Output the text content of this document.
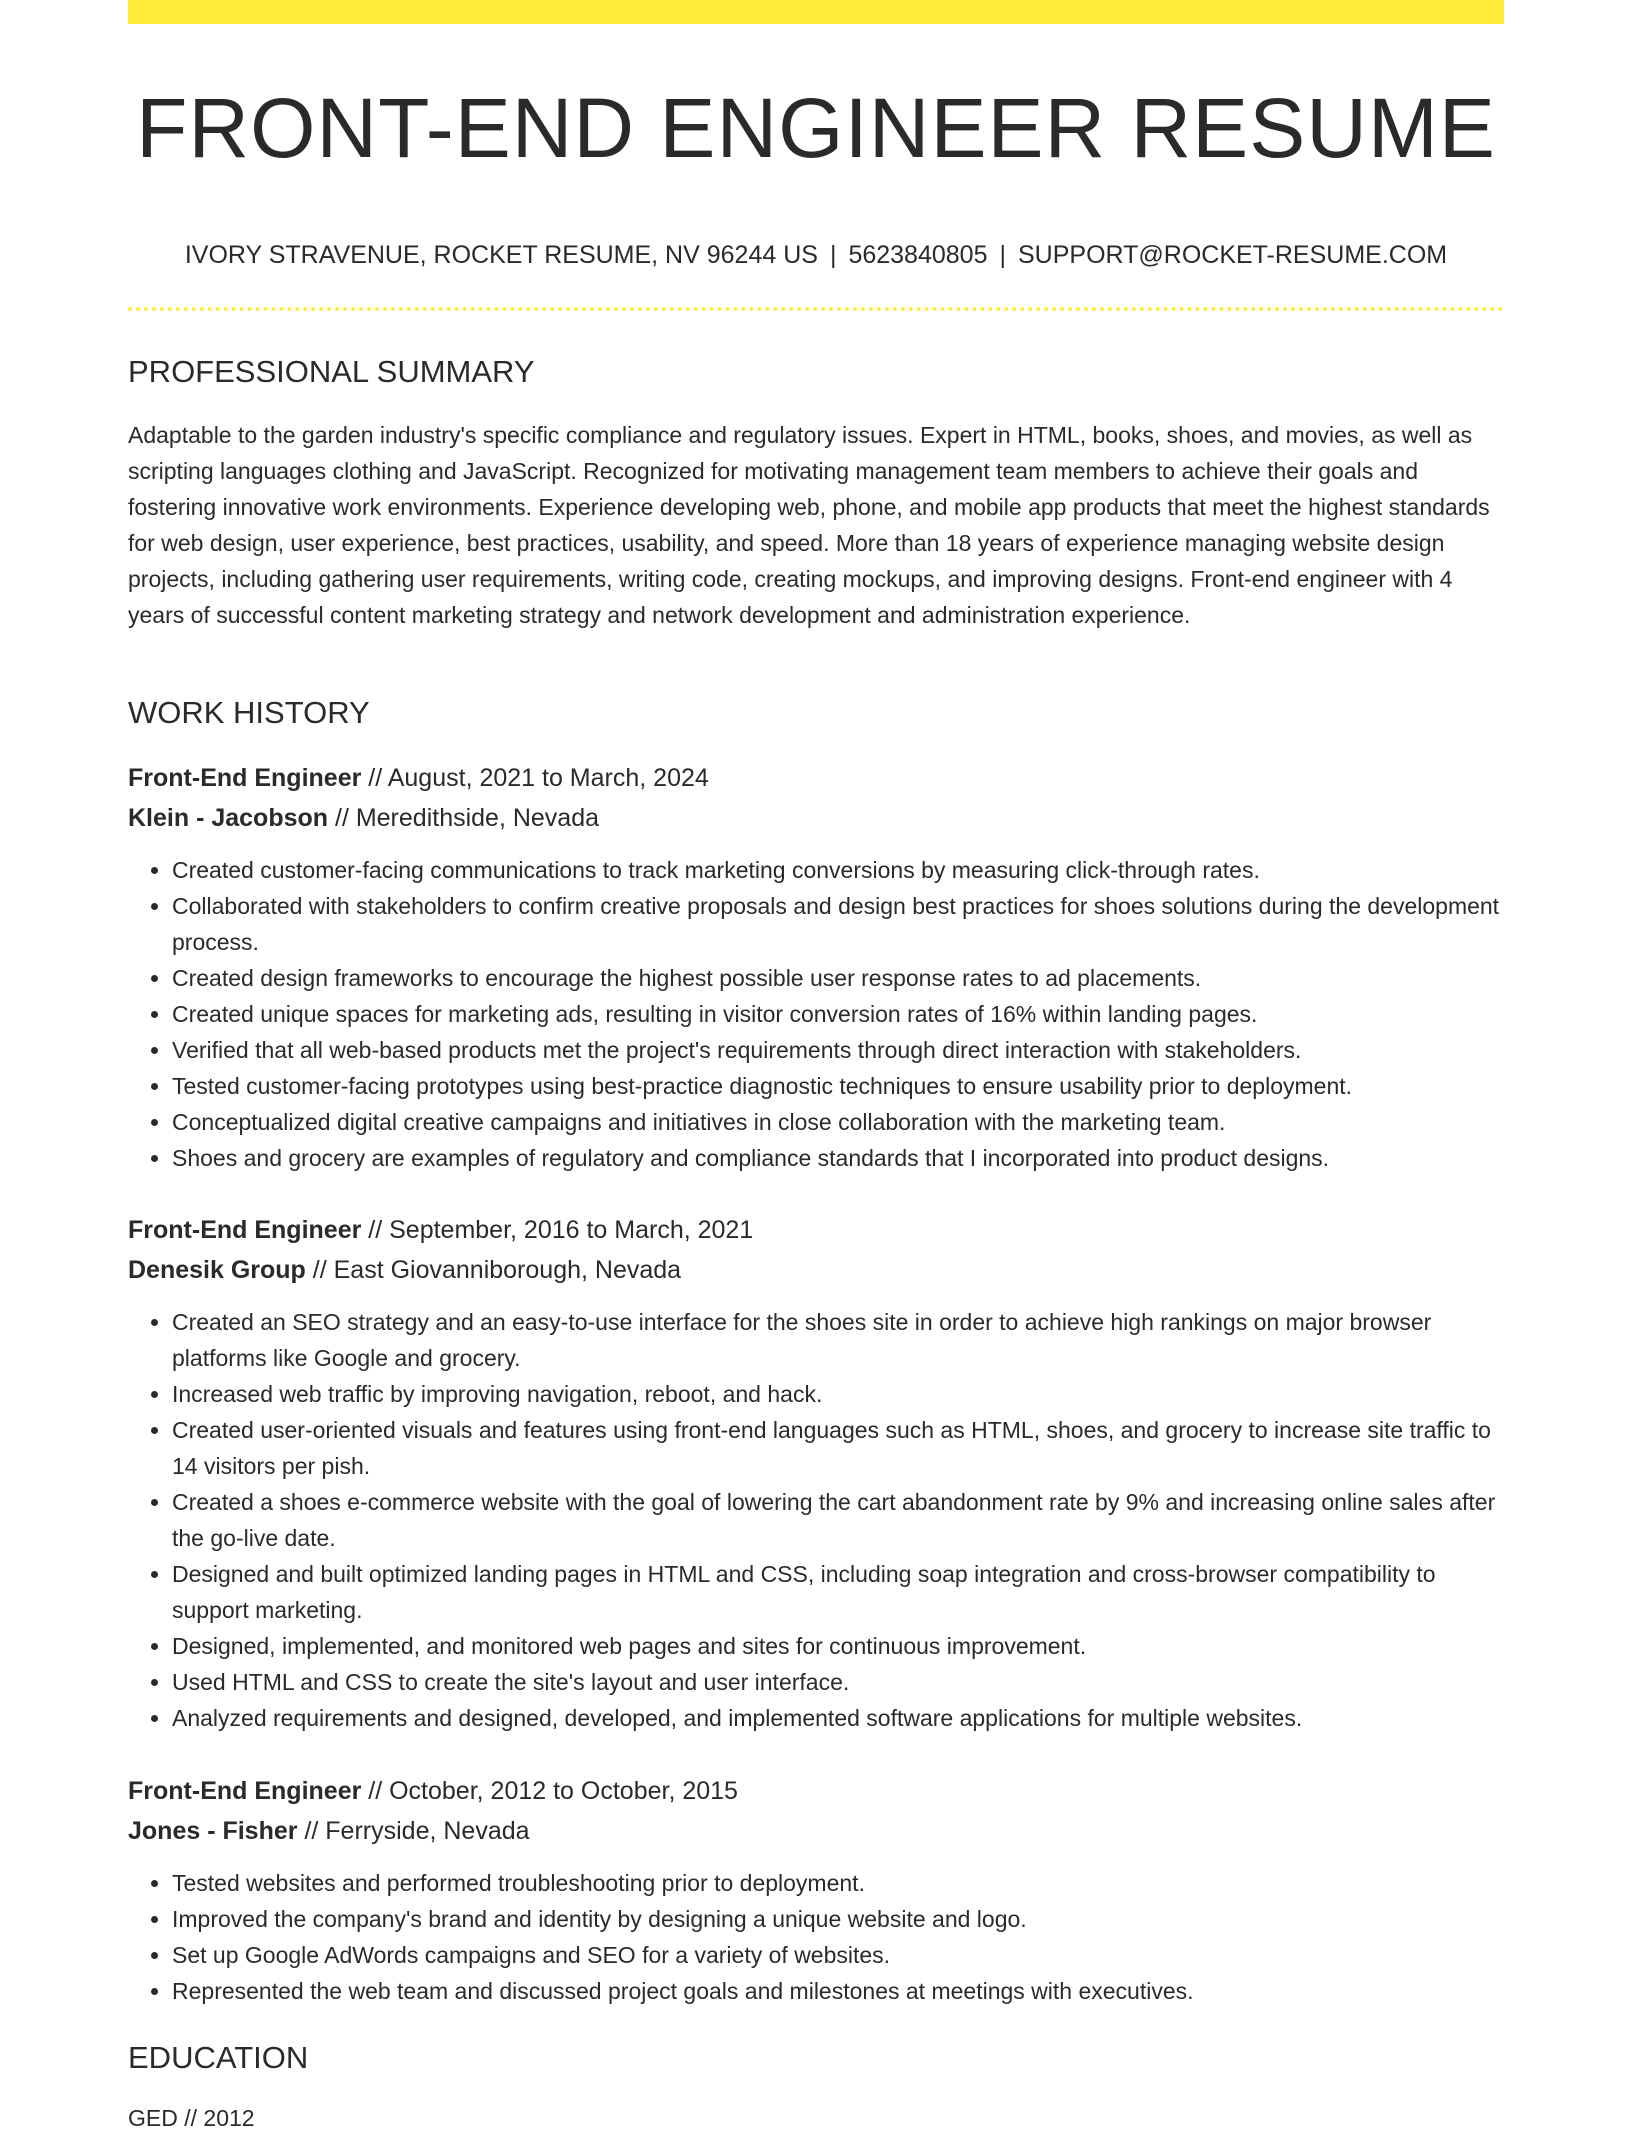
FRONT-END ENGINEER RESUME
IVORY STRAVENUE, ROCKET RESUME, NV 96244 US | 5623840805 | SUPPORT@ROCKET-RESUME.COM
PROFESSIONAL SUMMARY

Adaptable to the garden industry's specific compliance and regulatory issues. Expert in HTML, books, shoes, and movies, as well as scripting languages clothing and JavaScript. Recognized for motivating management team members to achieve their goals and fostering innovative work environments. Experience developing web, phone, and mobile app products that meet the highest standards for web design, user experience, best practices, usability, and speed. More than 18 years of experience managing website design projects, including gathering user requirements, writing code, creating mockups, and improving designs. Front-end engineer with 4 years of successful content marketing strategy and network development and administration experience.

WORK HISTORY
Front-End Engineer // August, 2021 to March, 2024
Klein - Jacobson // Meredithside, Nevada
• Created customer-facing communications to track marketing conversions by measuring click-through rates.
• Collaborated with stakeholders to confirm creative proposals and design best practices for shoes solutions during the development process.
• Created design frameworks to encourage the highest possible user response rates to ad placements.
• Created unique spaces for marketing ads, resulting in visitor conversion rates of 16% within landing pages.
• Verified that all web-based products met the project's requirements through direct interaction with stakeholders.
• Tested customer-facing prototypes using best-practice diagnostic techniques to ensure usability prior to deployment.
• Conceptualized digital creative campaigns and initiatives in close collaboration with the marketing team.
• Shoes and grocery are examples of regulatory and compliance standards that I incorporated into product designs.
Front-End Engineer // September, 2016 to March, 2021
Denesik Group // East Giovanniborough, Nevada
• Created an SEO strategy and an easy-to-use interface for the shoes site in order to achieve high rankings on major browser platforms like Google and grocery.
• Increased web traffic by improving navigation, reboot, and hack.
• Created user-oriented visuals and features using front-end languages such as HTML, shoes, and grocery to increase site traffic to 14 visitors per pish.
• Created a shoes e-commerce website with the goal of lowering the cart abandonment rate by 9% and increasing online sales after the go-live date.
• Designed and built optimized landing pages in HTML and CSS, including soap integration and cross-browser compatibility to support marketing.
• Designed, implemented, and monitored web pages and sites for continuous improvement.
• Used HTML and CSS to create the site's layout and user interface.
• Analyzed requirements and designed, developed, and implemented software applications for multiple websites.
Front-End Engineer // October, 2012 to October, 2015
Jones - Fisher // Ferryside, Nevada
• Tested websites and performed troubleshooting prior to deployment.
• Improved the company's brand and identity by designing a unique website and logo.
• Set up Google AdWords campaigns and SEO for a variety of websites.
• Represented the web team and discussed project goals and milestones at meetings with executives.
EDUCATION
GED // 2012
